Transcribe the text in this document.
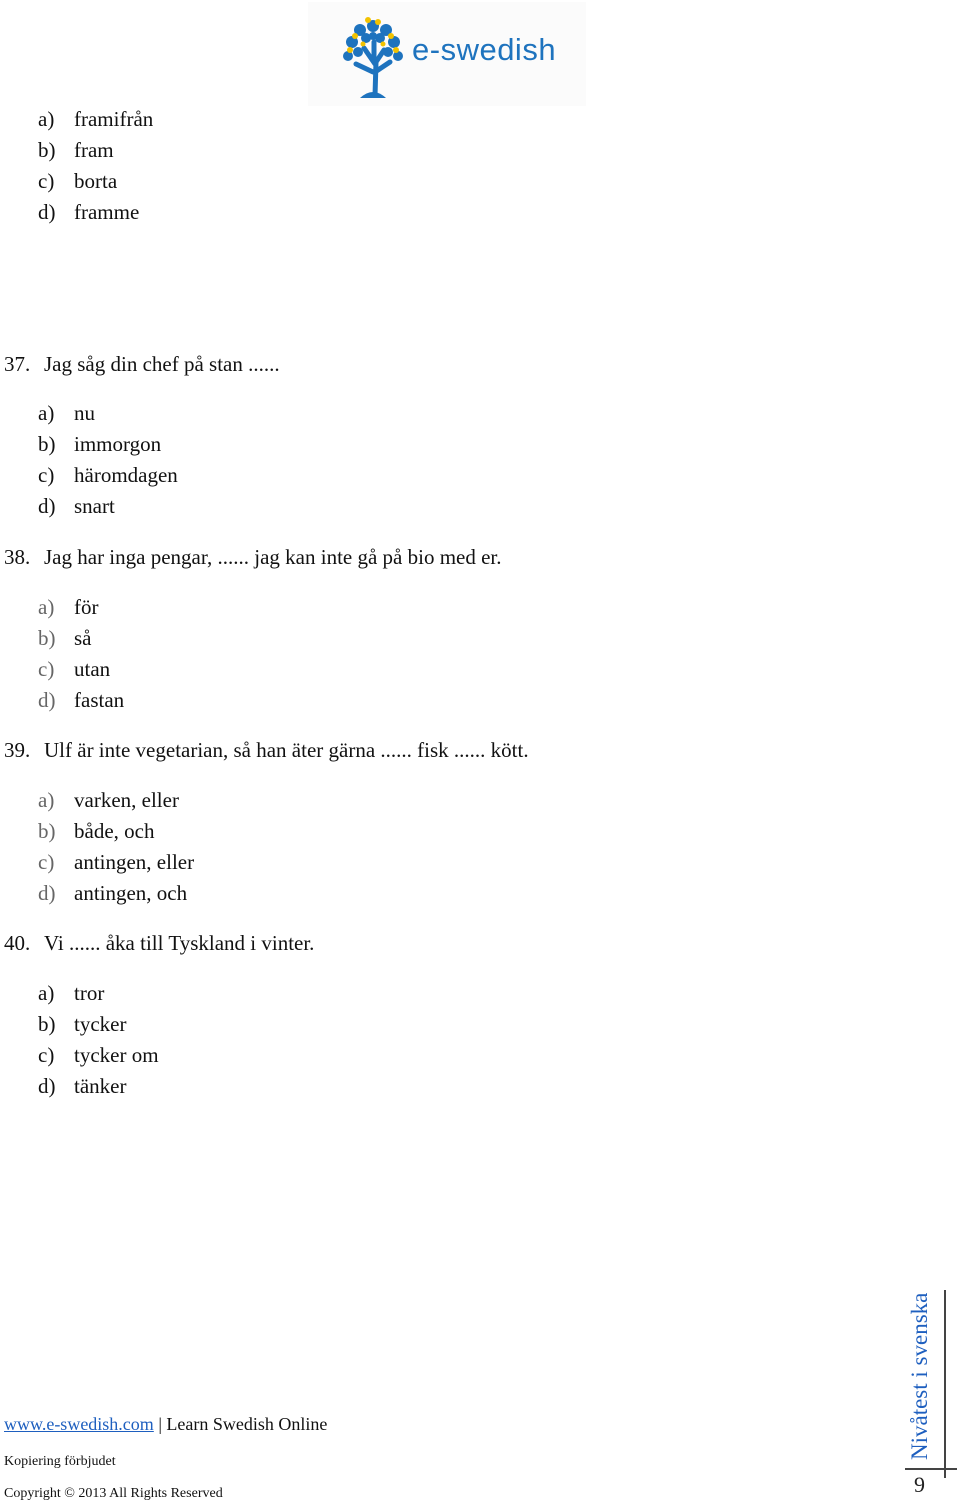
e-swedish
a) framifrån
b) fram
c) borta
d) framme
37. Jag såg din chef på stan ......
a) nu
b) immorgon
c) häromdagen
d) snart
38. Jag har inga pengar, ...... jag kan inte gå på bio med er.
a) för
b) så
c) utan
d) fastan
39. Ulf är inte vegetarian, så han äter gärna ...... fisk ...... kött.
a) varken, eller
b) både, och
c) antingen, eller
d) antingen, och
40. Vi ...... åka till Tyskland i vinter.
a) tror
b) tycker
c) tycker om
d) tänker
www.e-swedish.com | Learn Swedish Online
Kopiering förbjudet
Copyright © 2013 All Rights Reserved
Nivåtest i svenska
9
